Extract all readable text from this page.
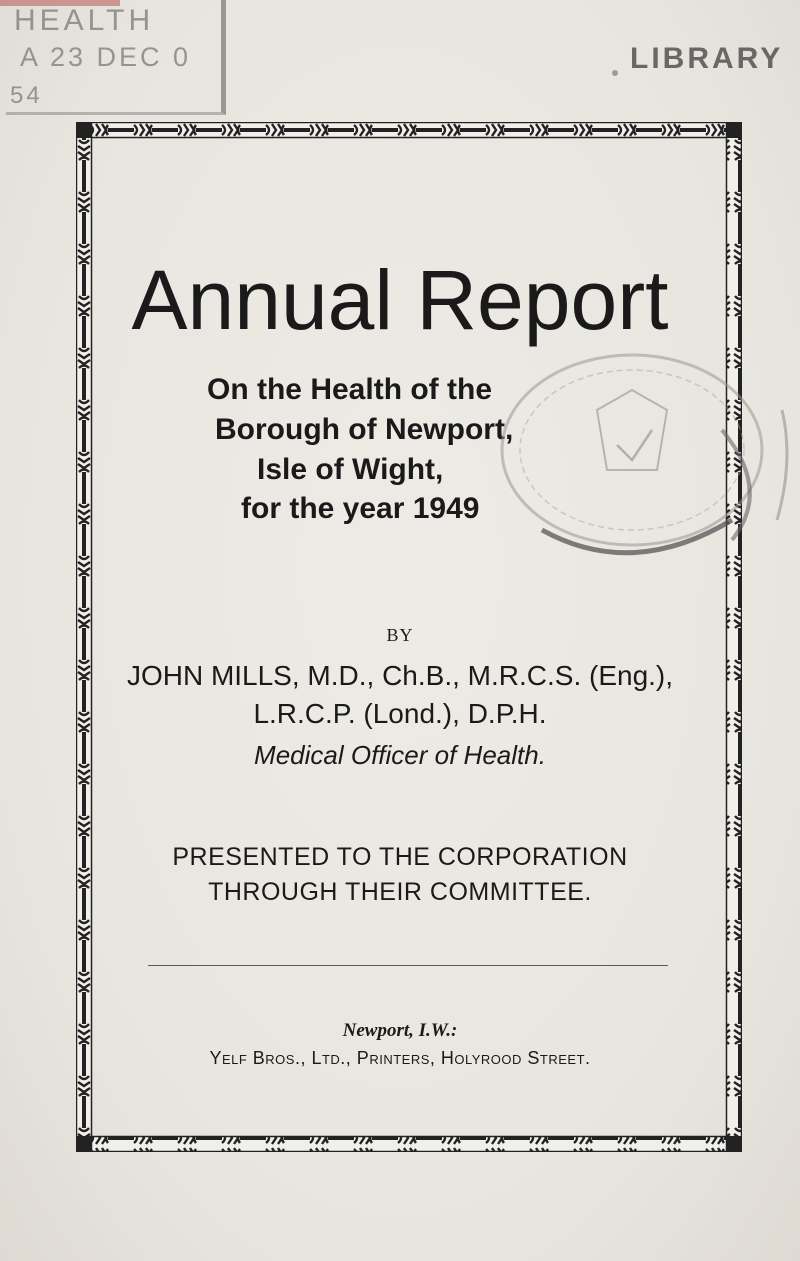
HEALTH
A 23 DEC 0
54
LIBRARY
Annual Report
On the Health of the
Borough of Newport,
Isle of Wight,
for the year 1949
BY
JOHN MILLS, M.D., Ch.B., M.R.C.S. (Eng.),
L.R.C.P. (Lond.), D.P.H.
Medical Officer of Health.
PRESENTED TO THE CORPORATION
THROUGH THEIR COMMITTEE.
Newport, I.W.:
Yelf Bros., Ltd., Printers, Holyrood Street.
